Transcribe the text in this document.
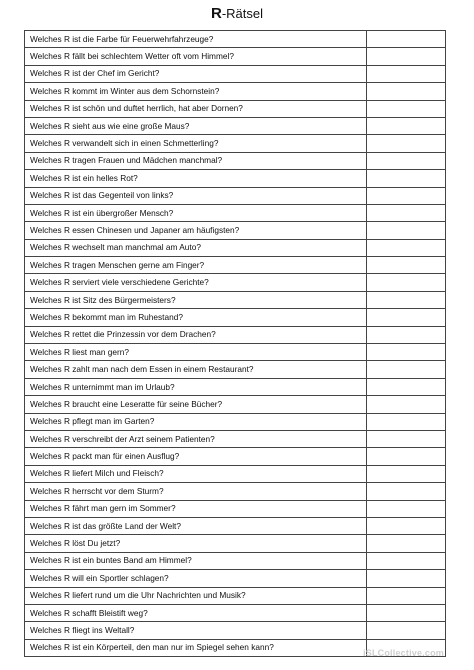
R-Rätsel
Welches R ist die Farbe für Feuerwehrfahrzeuge?	
Welches R fällt bei schlechtem Wetter oft vom Himmel?	
Welches R ist der Chef im Gericht?	
Welches R kommt im Winter aus dem Schornstein?	
Welches R ist schön und duftet herrlich, hat aber Dornen?	
Welches R sieht aus wie eine große Maus?	
Welches R verwandelt sich in einen Schmetterling?	
Welches R tragen Frauen und Mädchen manchmal?	
Welches R ist ein helles Rot?	
Welches R ist das Gegenteil von links?	
Welches R ist ein übergroßer Mensch?	
Welches R essen Chinesen und Japaner am häufigsten?	
Welches R wechselt man manchmal am Auto?	
Welches R tragen Menschen gerne am Finger?	
Welches R serviert viele verschiedene Gerichte?	
Welches R ist Sitz des Bürgermeisters?	
Welches R bekommt man im Ruhestand?	
Welches R rettet die Prinzessin vor dem Drachen?	
Welches R liest man gern?	
Welches R zahlt man nach dem Essen in einem Restaurant?	
Welches R unternimmt man im Urlaub?	
Welches R braucht eine Leseratte für seine Bücher?	
Welches R pflegt man im Garten?	
Welches R verschreibt der Arzt seinem Patienten?	
Welches R packt man für einen Ausflug?	
Welches R liefert Milch und Fleisch?	
Welches R herrscht vor dem Sturm?	
Welches R fährt man gern im Sommer?	
Welches R ist das größte Land der Welt?	
Welches R löst Du jetzt?	
Welches R ist ein buntes Band am Himmel?	
Welches R will ein Sportler schlagen?	
Welches R liefert rund um die Uhr Nachrichten und Musik?	
Welches R schafft Bleistift weg?	
Welches R fliegt ins Weltall?	
Welches R ist ein Körperteil, den man nur im Spiegel sehen kann?	
iSLCollective.com
